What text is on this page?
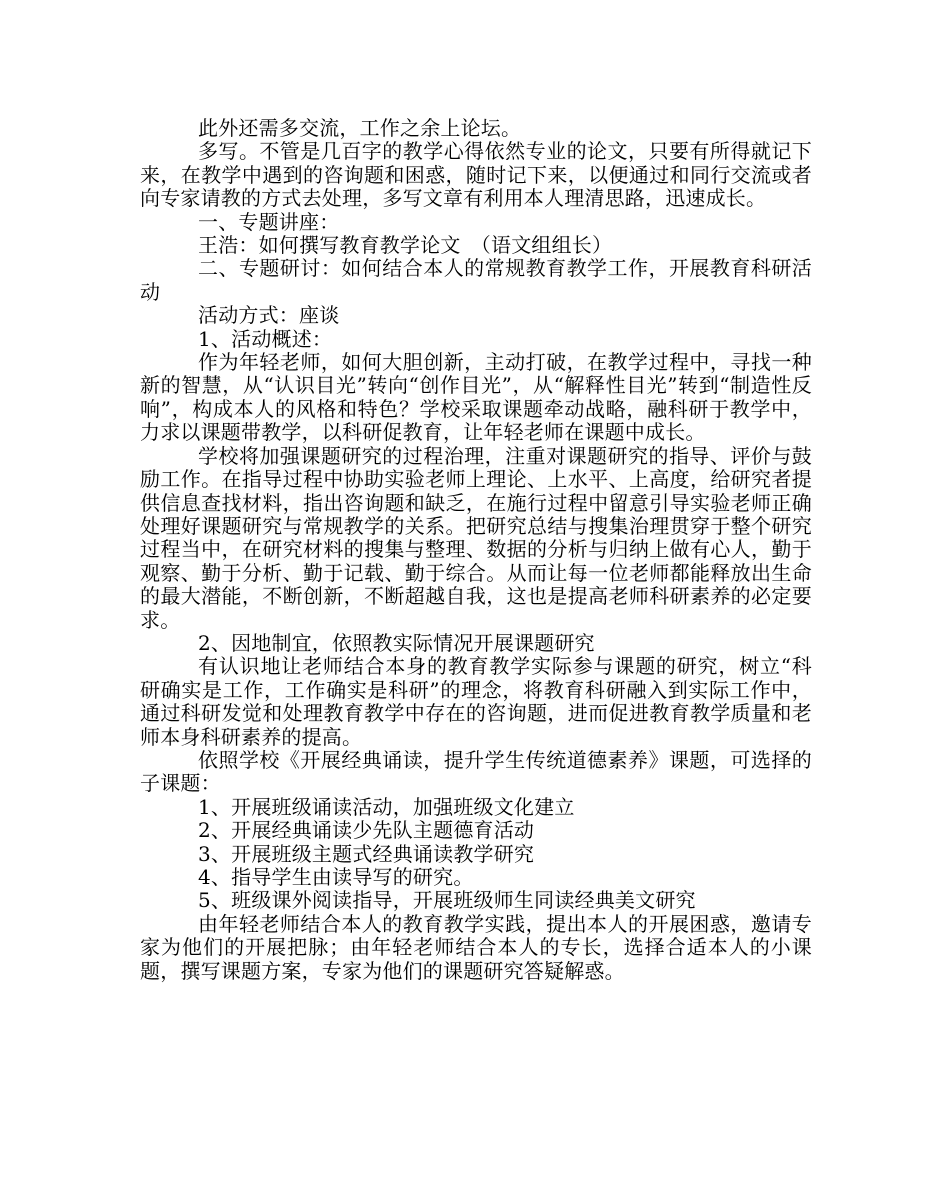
此外还需多交流，工作之余上论坛。

多写。不管是几百字的教学心得依然专业的论文，只要有所得就记下来，在教学中遇到的咨询题和困惑，随时记下来，以便通过和同行交流或者向专家请教的方式去处理，多写文章有利用本人理清思路，迅速成长。

一、专题讲座：

王浩：如何撰写教育教学论文　（语文组组长）

二、专题研讨：如何结合本人的常规教育教学工作，开展教育科研活动

活动方式：座谈

1、活动概述：

作为年轻老师，如何大胆创新，主动打破，在教学过程中，寻找一种新的智慧，从“认识目光”转向“创作目光”，从“解释性目光”转到“制造性反响”，构成本人的风格和特色？学校采取课题牵动战略，融科研于教学中，力求以课题带教学，以科研促教育，让年轻老师在课题中成长。

学校将加强课题研究的过程治理，注重对课题研究的指导、评价与鼓励工作。在指导过程中协助实验老师上理论、上水平、上高度，给研究者提供信息查找材料，指出咨询题和缺乏，在施行过程中留意引导实验老师正确处理好课题研究与常规教学的关系。把研究总结与搜集治理贯穿于整个研究过程当中，在研究材料的搜集与整理、数据的分析与归纳上做有心人，勤于观察、勤于分析、勤于记载、勤于综合。从而让每一位老师都能释放出生命的最大潜能，不断创新，不断超越自我，这也是提高老师科研素养的必定要求。

2、因地制宜，依照教实际情况开展课题研究

有认识地让老师结合本身的教育教学实际参与课题的研究，树立“科研确实是工作，工作确实是科研”的理念，将教育科研融入到实际工作中，通过科研发觉和处理教育教学中存在的咨询题，进而促进教育教学质量和老师本身科研素养的提高。

依照学校《开展经典诵读，提升学生传统道德素养》课题，可选择的子课题：

1、开展班级诵读活动，加强班级文化建立

2、开展经典诵读少先队主题德育活动

3、开展班级主题式经典诵读教学研究

4、指导学生由读导写的研究。

5、班级课外阅读指导，开展班级师生同读经典美文研究

由年轻老师结合本人的教育教学实践，提出本人的开展困惑，邀请专家为他们的开展把脉；由年轻老师结合本人的专长，选择合适本人的小课题，撰写课题方案，专家为他们的课题研究答疑解惑。
